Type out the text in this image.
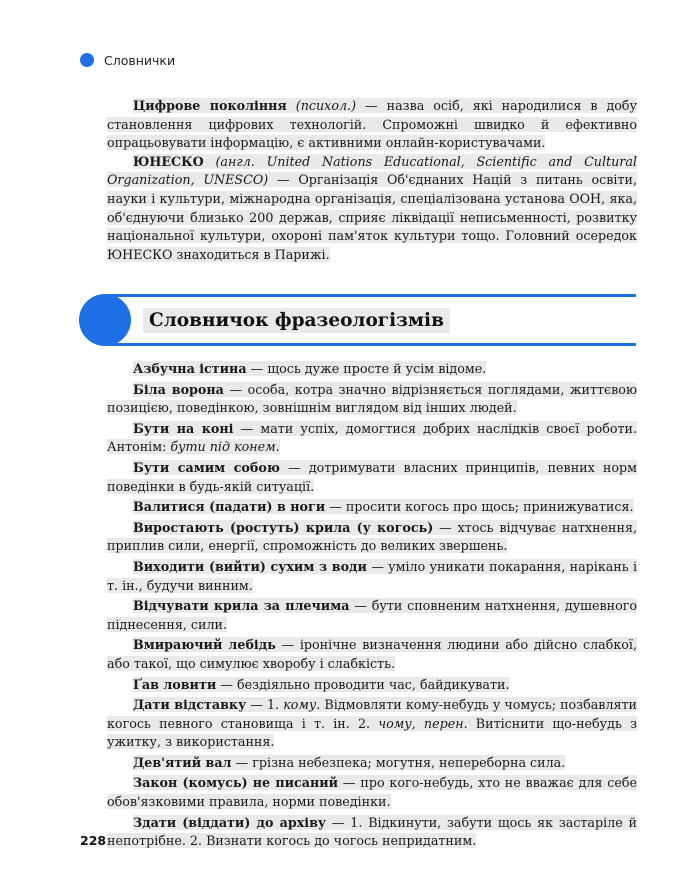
Словнички

Цифрове покоління (психол.) — назва осіб, які народилися в добу становлення цифрових технологій. Спроможні швидко й ефективно опрацьовувати інформацію, є активними онлайн-користувачами.

ЮНЕСКО (англ. United Nations Educational, Scientific and Cultural Organization, UNESCO) — Організація Об'єднаних Націй з питань освіти, науки і культури, міжнародна організація, спеціалізована установа ООН, яка, об'єднуючи близько 200 держав, сприяє ліквідації неписьменності, розвитку національної культури, охороні пам'яток культури тощо. Головний осередок ЮНЕСКО знаходиться в Парижі.

Словничок фразеологізмів

Азбучна істина — щось дуже просте й усім відоме.

Біла ворона — особа, котра значно відрізняється поглядами, життєвою позицією, поведінкою, зовнішнім виглядом від інших людей.

Бути на коні — мати успіх, домогтися добрих наслідків своєї роботи. Антонім: бути під конем.

Бути самим собою — дотримувати власних принципів, певних норм поведінки в будь-якій ситуації.

Валитися (падати) в ноги — просити когось про щось; принижуватися.

Виростають (ростуть) крила (у когось) — хтось відчуває натхнення, приплив сили, енергії, спроможність до великих звершень.

Виходити (вийти) сухим з води — уміло уникати покарання, нарікань і т. ін., будучи винним.

Відчувати крила за плечима — бути сповненим натхнення, душевного піднесення, сили.

Вмираючий лебідь — іронічне визначення людини або дійсно слабкої, або такої, що симулює хворобу і слабкість.

Ґав ловити — бездіяльно проводити час, байдикувати.

Дати відставку — 1. кому. Відмовляти кому-небудь у чомусь; позбавляти когось певного становища і т. ін. 2. чому, перен. Витіснити що-небудь з ужитку, з використання.

Дев'ятий вал — грізна небезпека; могутня, непереборна сила.

Закон (комусь) не писаний — про кого-небудь, хто не вважає для себе обов'язковими правила, норми поведінки.

Здати (віддати) до архіву — 1. Відкинути, забути щось як застаріле й непотрібне. 2. Визнати когось до чогось непридатним.

228
